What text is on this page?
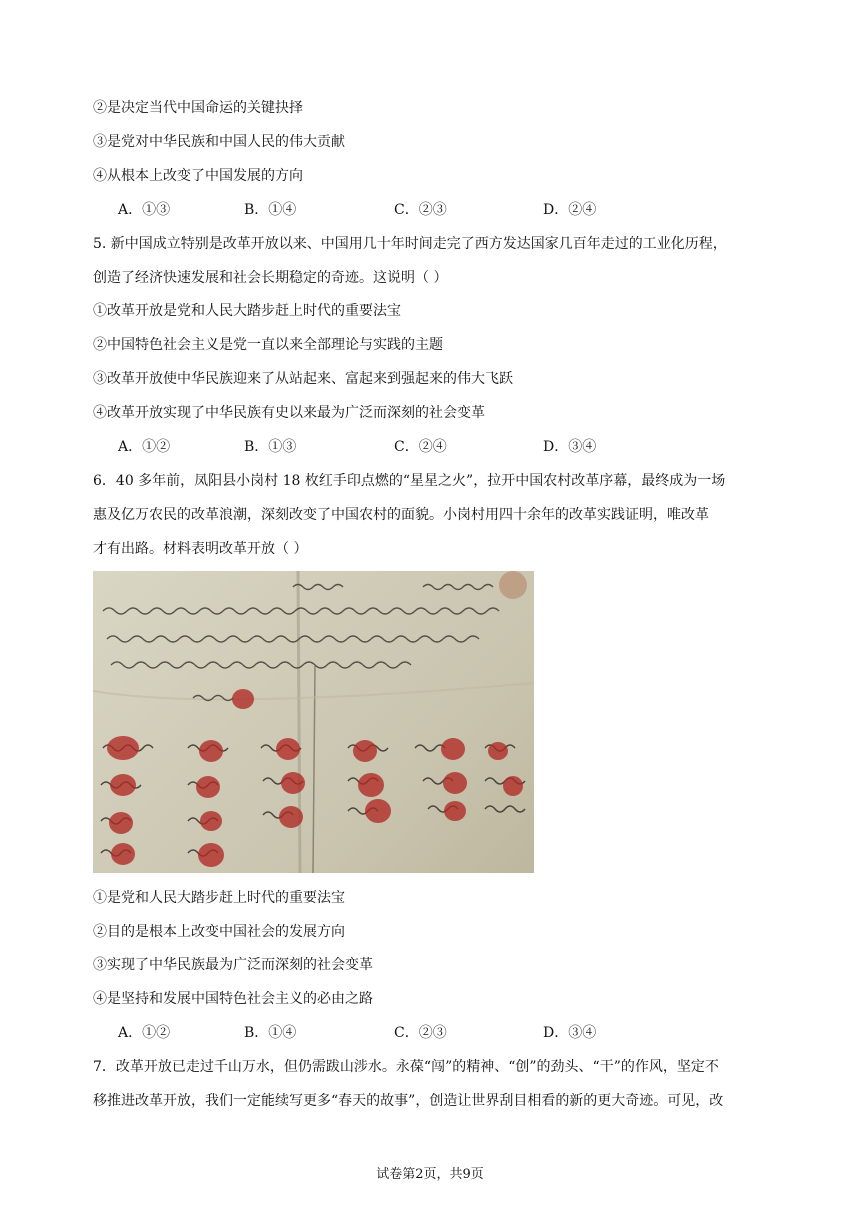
②是决定当代中国命运的关键抉择
③是党对中华民族和中国人民的伟大贡献
④从根本上改变了中国发展的方向
A．①③	B．①④	C．②③	D．②④
5. 新中国成立特别是改革开放以来、中国用几十年时间走完了西方发达国家几百年走过的工业化历程，
创造了经济快速发展和社会长期稳定的奇迹。这说明（ ）
①改革开放是党和人民大踏步赶上时代的重要法宝
②中国特色社会主义是党一直以来全部理论与实践的主题
③改革开放使中华民族迎来了从站起来、富起来到强起来的伟大飞跃
④改革开放实现了中华民族有史以来最为广泛而深刻的社会变革
A．①②	B．①③	C．②④	D．③④
6．40 多年前，凤阳县小岗村 18 枚红手印点燃的“星星之火”，拉开中国农村改革序幕，最终成为一场
惠及亿万农民的改革浪潮，深刻改变了中国农村的面貌。小岗村用四十余年的改革实践证明，唯改革
才有出路。材料表明改革开放（ ）
①是党和人民大踏步赶上时代的重要法宝
②目的是根本上改变中国社会的发展方向
③实现了中华民族最为广泛而深刻的社会变革
④是坚持和发展中国特色社会主义的必由之路
A．①②	B．①④	C．②③	D．③④
7．改革开放已走过千山万水，但仍需跋山涉水。永葆“闯”的精神、“创”的劲头、“干”的作风，坚定不
移推进改革开放，我们一定能续写更多“春天的故事”，创造让世界刮目相看的新的更大奇迹。可见，改
试卷第2页，共9页
